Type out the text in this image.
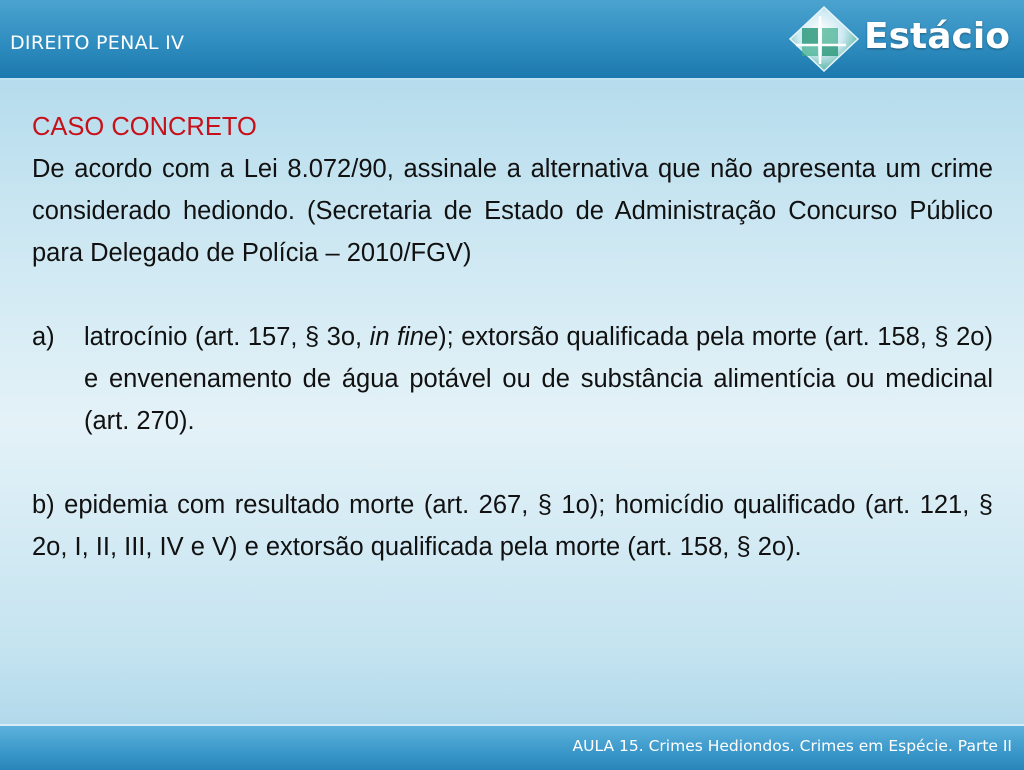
DIREITO PENAL IV	Estácio

CASO CONCRETO

De acordo com a Lei 8.072/90, assinale a alternativa que não apresenta um crime considerado hediondo. (Secretaria de Estado de Administração Concurso Público para Delegado de Polícia – 2010/FGV)

a)	latrocínio (art. 157, § 3o, in fine); extorsão qualificada pela morte (art. 158, § 2o) e envenenamento de água potável ou de substância alimentícia ou medicinal (art. 270).

b) epidemia com resultado morte (art. 267, § 1o); homicídio qualificado (art. 121, § 2o, I, II, III, IV e V) e extorsão qualificada pela morte (art. 158, § 2o).

AULA 15. Crimes Hediondos. Crimes em Espécie. Parte II
